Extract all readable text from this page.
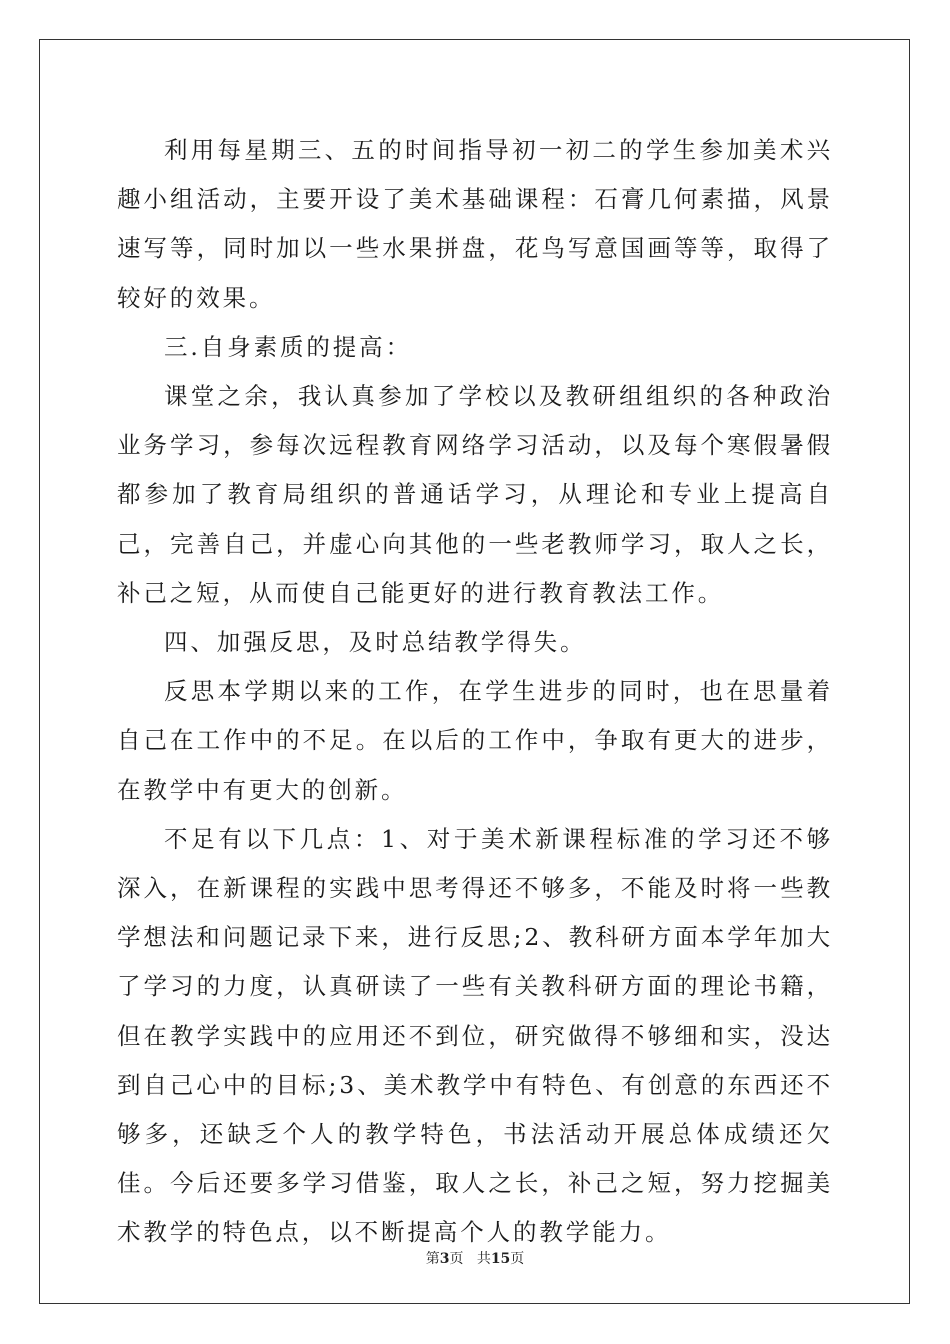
利用每星期三、五的时间指导初一初二的学生参加美术兴趣小组活动，主要开设了美术基础课程：石膏几何素描，风景速写等，同时加以一些水果拼盘，花鸟写意国画等等，取得了较好的效果。

三.自身素质的提高：

课堂之余，我认真参加了学校以及教研组组织的各种政治业务学习，参每次远程教育网络学习活动，以及每个寒假暑假都参加了教育局组织的普通话学习，从理论和专业上提高自己，完善自己，并虚心向其他的一些老教师学习，取人之长，补己之短，从而使自己能更好的进行教育教法工作。

四、加强反思，及时总结教学得失。

反思本学期以来的工作，在学生进步的同时，也在思量着自己在工作中的不足。在以后的工作中，争取有更大的进步，在教学中有更大的创新。

不足有以下几点：1、对于美术新课程标准的学习还不够深入，在新课程的实践中思考得还不够多，不能及时将一些教学想法和问题记录下来，进行反思;2、教科研方面本学年加大了学习的力度，认真研读了一些有关教科研方面的理论书籍，但在教学实践中的应用还不到位，研究做得不够细和实，没达到自己心中的目标;3、美术教学中有特色、有创意的东西还不够多，还缺乏个人的教学特色，书法活动开展总体成绩还欠佳。今后还要多学习借鉴，取人之长，补己之短，努力挖掘美术教学的特色点，以不断提高个人的教学能力。

第3页 共15页
